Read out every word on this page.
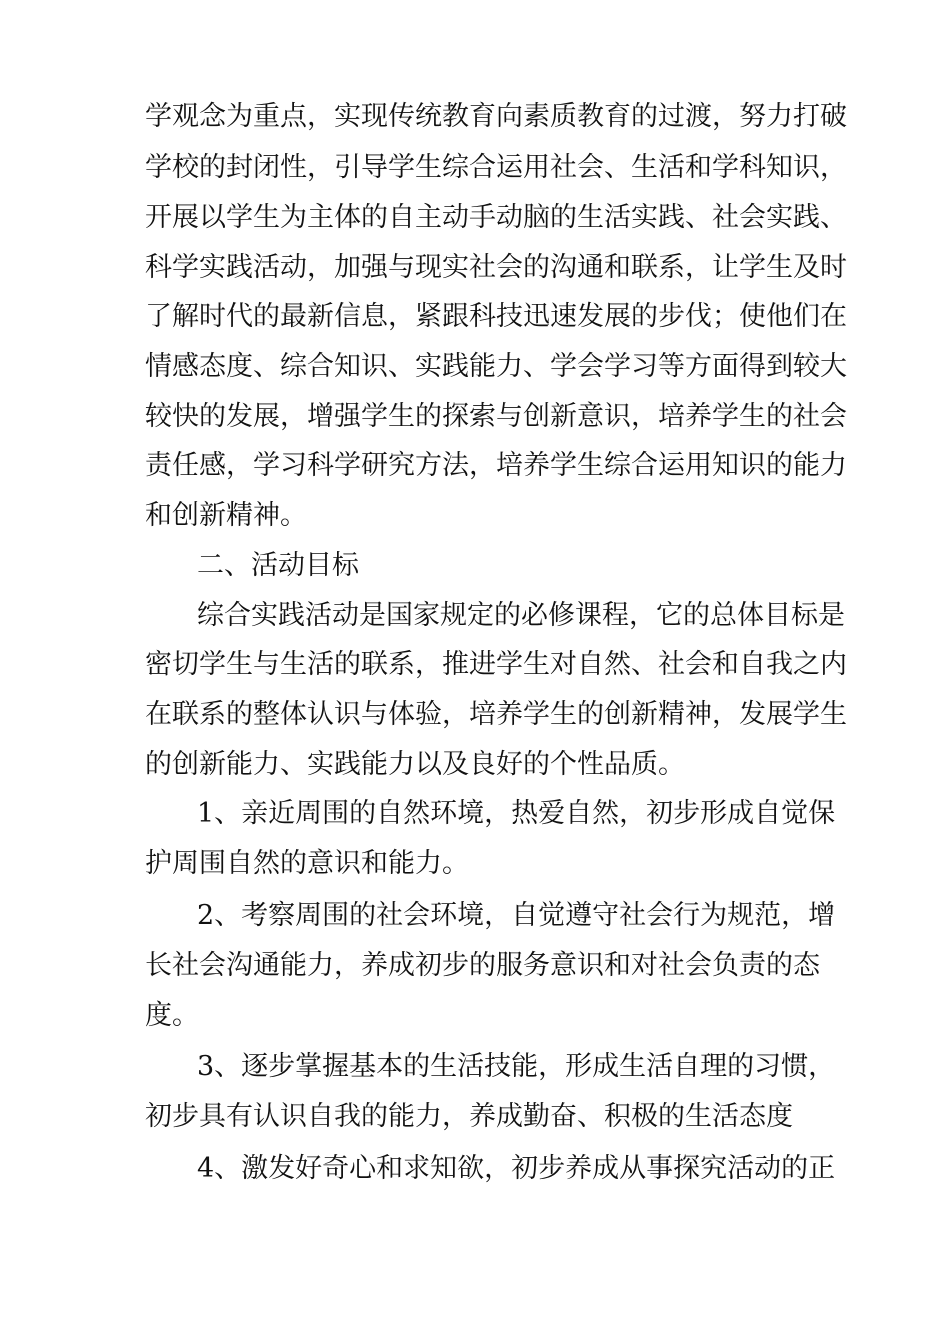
学观念为重点，实现传统教育向素质教育的过渡，努力打破
学校的封闭性，引导学生综合运用社会、生活和学科知识，
开展以学生为主体的自主动手动脑的生活实践、社会实践、
科学实践活动，加强与现实社会的沟通和联系，让学生及时
了解时代的最新信息，紧跟科技迅速发展的步伐；使他们在
情感态度、综合知识、实践能力、学会学习等方面得到较大
较快的发展，增强学生的探索与创新意识，培养学生的社会
责任感，学习科学研究方法，培养学生综合运用知识的能力
和创新精神。
二、活动目标
综合实践活动是国家规定的必修课程，它的总体目标是
密切学生与生活的联系，推进学生对自然、社会和自我之内
在联系的整体认识与体验，培养学生的创新精神，发展学生
的创新能力、实践能力以及良好的个性品质。
1、亲近周围的自然环境，热爱自然，初步形成自觉保
护周围自然的意识和能力。
2、考察周围的社会环境，自觉遵守社会行为规范，增
长社会沟通能力，养成初步的服务意识和对社会负责的态
度。
3、逐步掌握基本的生活技能，形成生活自理的习惯，
初步具有认识自我的能力，养成勤奋、积极的生活态度
4、激发好奇心和求知欲，初步养成从事探究活动的正
